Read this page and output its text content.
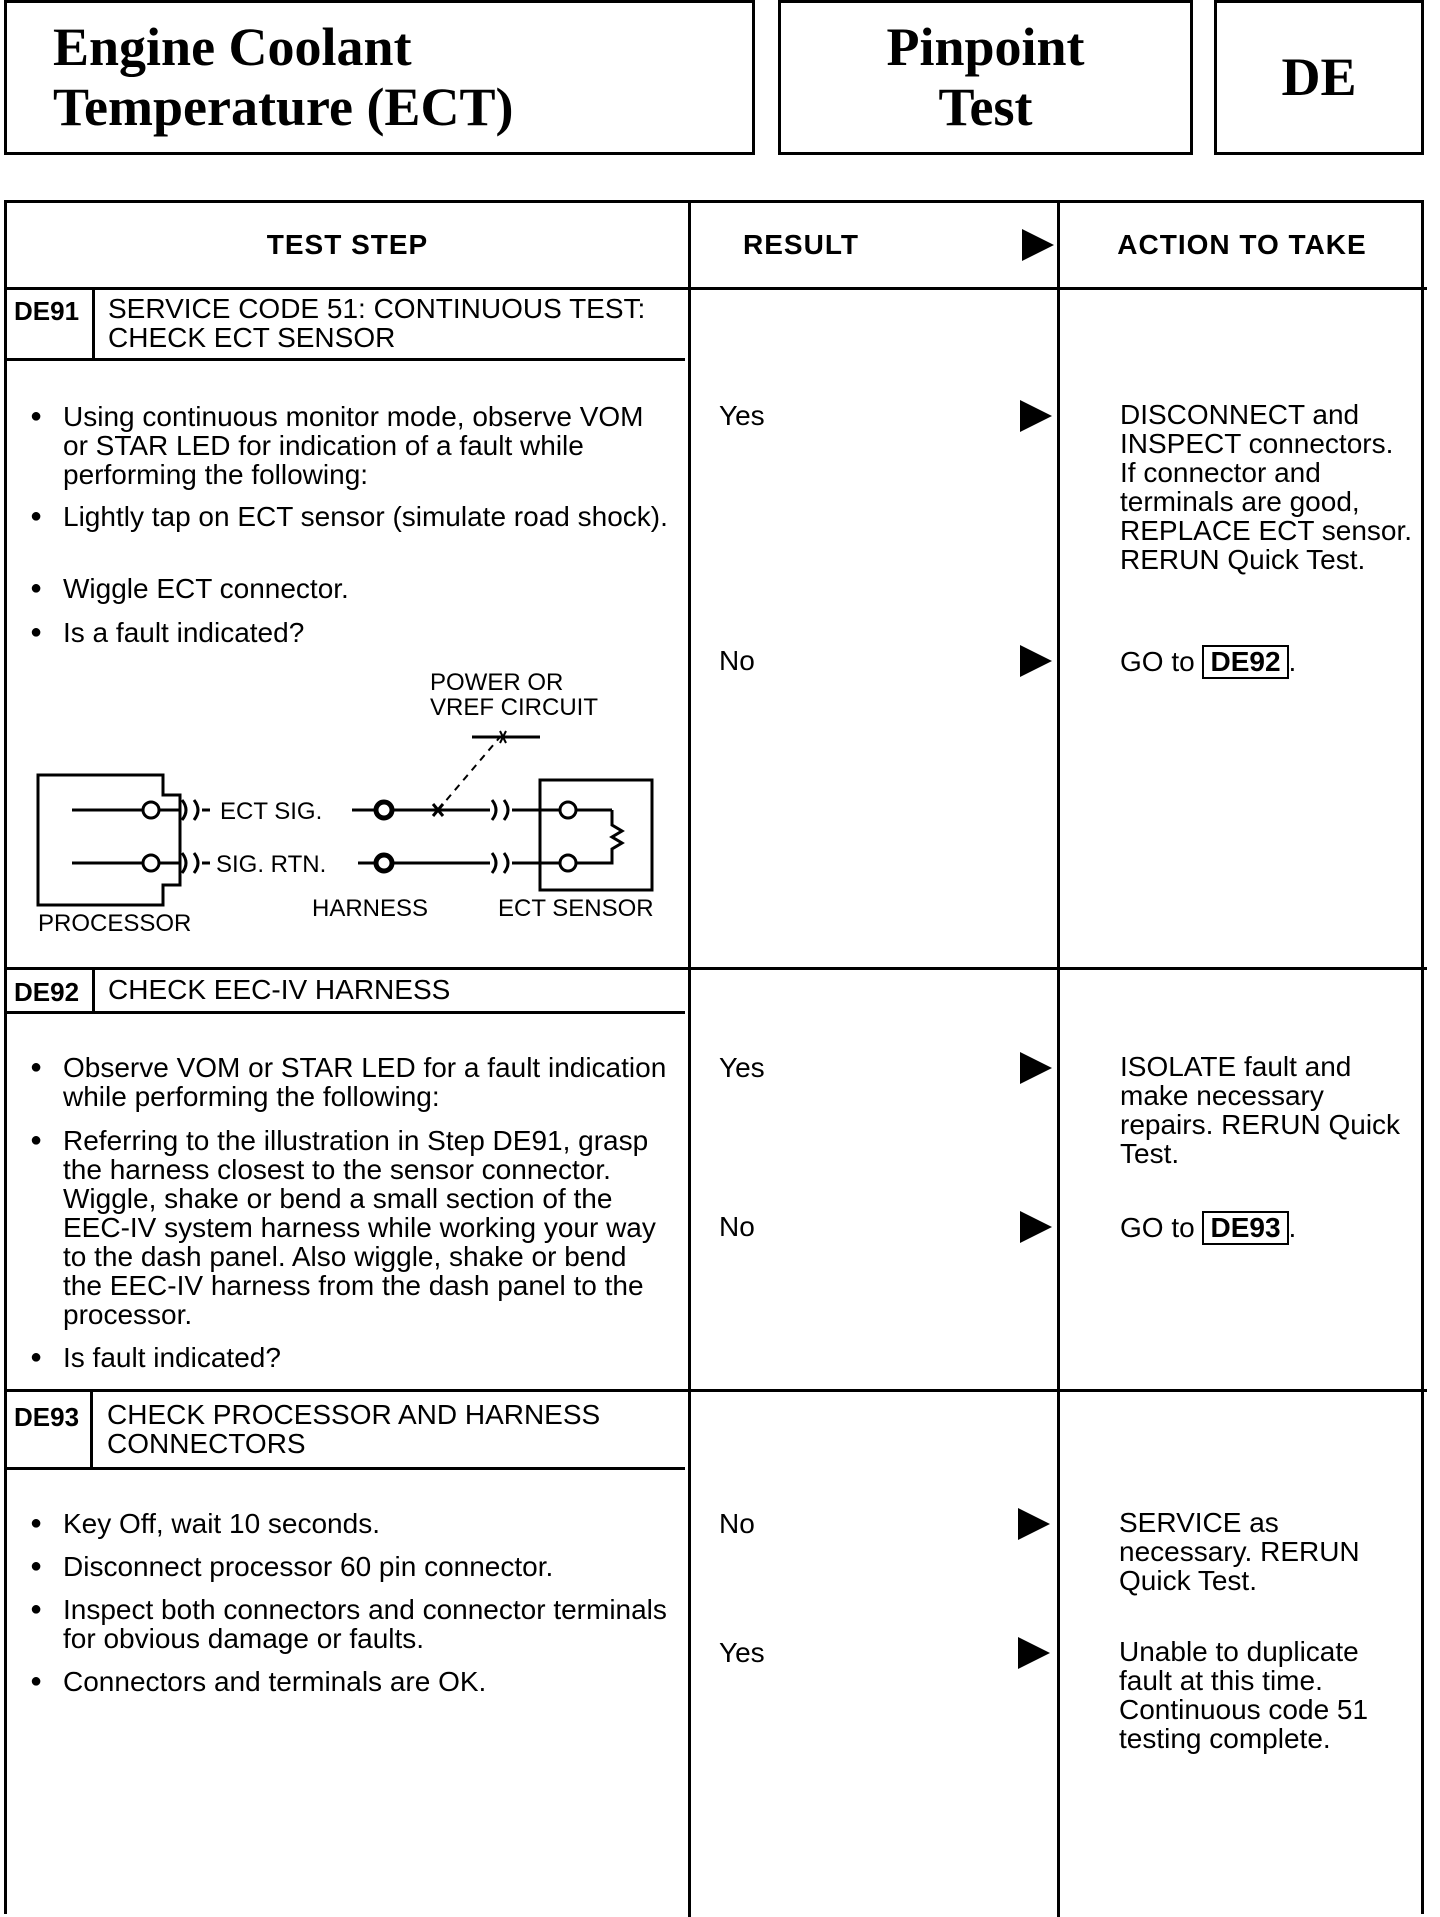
Engine Coolant
Temperature (ECT)
Pinpoint
Test	DE
TEST STEP	RESULT	ACTION TO TAKE
DE91 SERVICE CODE 51: CONTINUOUS TEST:
CHECK ECT SENSOR
● Using continuous monitor mode, observe VOM or STAR LED for indication of a fault while performing the following:
● Lightly tap on ECT sensor (simulate road shock).
● Wiggle ECT connector.
● Is a fault indicated?
POWER OR
VREF CIRCUIT
ECT SIG.
SIG. RTN.
PROCESSOR
HARNESS	ECT SENSOR
Yes	DISCONNECT and INSPECT connectors. If connector and terminals are good, REPLACE ECT sensor. RERUN Quick Test.
No	GO to DE92 .
DE92 CHECK EEC-IV HARNESS
● Observe VOM or STAR LED for a fault indication while performing the following:
● Referring to the illustration in Step DE91, grasp the harness closest to the sensor connector. Wiggle, shake or bend a small section of the EEC-IV system harness while working your way to the dash panel. Also wiggle, shake or bend the EEC-IV harness from the dash panel to the processor.
● Is fault indicated?
Yes	ISOLATE fault and make necessary repairs. RERUN Quick Test.
No	GO to DE93 .
DE93 CHECK PROCESSOR AND HARNESS
CONNECTORS
● Key Off, wait 10 seconds.
● Disconnect processor 60 pin connector.
● Inspect both connectors and connector terminals for obvious damage or faults.
● Connectors and terminals are OK.
No	SERVICE as necessary. RERUN Quick Test.
Yes	Unable to duplicate fault at this time. Continuous code 51 testing complete.
